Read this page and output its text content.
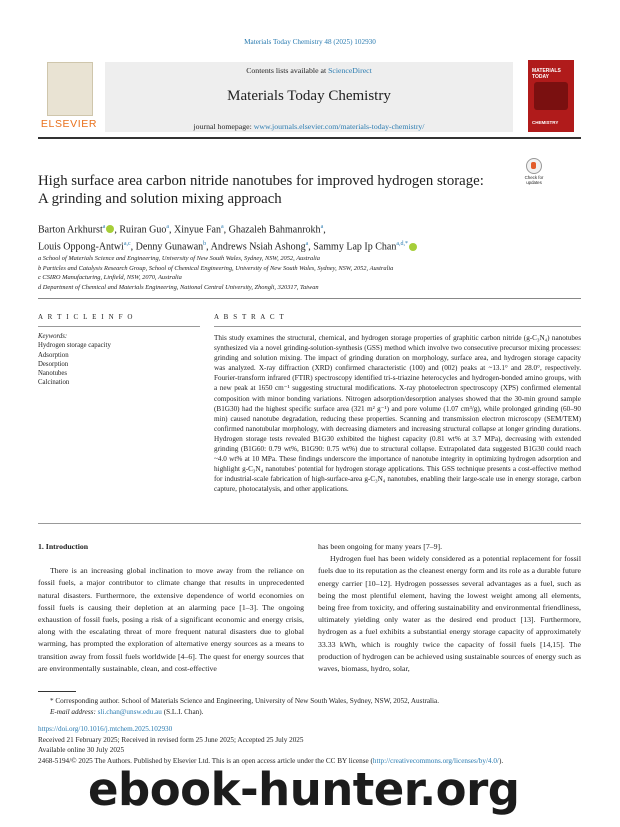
Materials Today Chemistry 48 (2025) 102930
ELSEVIER
Contents lists available at ScienceDirect
Materials Today Chemistry
journal homepage: www.journals.elsevier.com/materials-today-chemistry/
MATERIALS TODAY
CHEMISTRY
High surface area carbon nitride nanotubes for improved hydrogen storage:
A grinding and solution mixing approach
Check for updates
Barton Arkhurst$^a$ , Ruiran Guo$^a$, Xinyue Fan$^a$, Ghazaleh Bahmanrokh$^a$,
Louis Oppong-Antwi$^{a,c}$, Denny Gunawan$^b$, Andrews Nsiah Ashong$^a$, Sammy Lap Ip Chan$^{a,d,*}$
a School of Materials Science and Engineering, University of New South Wales, Sydney, NSW, 2052, Australia
b Particles and Catalysis Research Group, School of Chemical Engineering, University of New South Wales, Sydney, NSW, 2052, Australia
c CSIRO Manufacturing, Linfield, NSW, 2070, Australia
d Department of Chemical and Materials Engineering, National Central University, Zhongli, 320317, Taiwan
A R T I C L E I N F O	A B S T R A C T
Keywords:
Hydrogen storage capacity
Adsorption
Desorption
Nanotubes
Calcination
This study examines the structural, chemical, and hydrogen storage properties of graphitic carbon nitride (g-C₃N₄) nanotubes synthesized via a novel grinding-solution-synthesis (GSS) method which involve two consecutive precursor mixing processes: grinding and solution mixing. The impact of grinding duration on morphology, surface area, and hydrogen storage capacity was analyzed. X-ray diffraction (XRD) confirmed characteristic (100) and (002) peaks at ~13.1° and 28.0°, respectively. Fourier-transform infrared (FTIR) spectroscopy identified tri-s-triazine heterocycles and hydrogen-bonded amino groups, with a new peak at 1650 cm⁻¹ suggesting structural modifications. X-ray photoelectron spectroscopy (XPS) confirmed elemental composition with minor bonding variations. Nitrogen adsorption/desorption analyses showed that the 30-min ground sample (B1G30) had the highest specific surface area (321 m² g⁻¹) and pore volume (1.07 cm³/g), while prolonged grinding (60–90 min) caused nanotube degradation, reducing these properties. Scanning and transmission electron microscopy (SEM/TEM) confirmed nanotubular morphology, with decreasing diameters and increasing structural collapse at longer grinding durations. Hydrogen storage tests revealed B1G30 exhibited the highest capacity (0.81 wt% at 3.7 MPa), decreasing with extended grinding (B1G60: 0.79 wt%, B1G90: 0.75 wt%) due to structural collapse. Extrapolated data suggested B1G30 could reach ~4.0 wt% at 10 MPa. These findings underscore the importance of nanotube integrity in optimizing hydrogen adsorption and highlight g-C₃N₄ nanotubes' potential for hydrogen storage applications. This GSS technique presents a cost-effective method for industrial-scale fabrication of high-surface-area g-C₃N₄ nanotubes, enabling their large-scale use in energy storage, carbon capture, photocatalysis, and other applications.
1. Introduction

There is an increasing global inclination to move away from the reliance on fossil fuels, a major contributor to climate change that results in unprecedented natural disasters. Furthermore, the extensive dependence of world economies on fossil fuels is causing their depletion at an alarming pace [1–3]. The ongoing exhaustion of fossil fuels, posing a risk of a significant economic and energy crisis, along with the escalating threat of more frequent natural disasters due to global warming, has prompted the exploration of alternative energy sources as a means to transition away from fossil fuels worldwide [4–6]. The quest for energy sources that are environmentally sustainable, clean, and cost-effective

has been ongoing for many years [7–9].

Hydrogen fuel has been widely considered as a potential replacement for fossil fuels due to its reputation as the cleanest energy form and its role as a durable future energy carrier [10–12]. Hydrogen possesses several advantages as a fuel, such as being the most plentiful element, having the lowest weight among all elements, being free from toxicity, and offering sustainability and environmental friendliness, ultimately yielding only water as the desired end product [13]. Furthermore, hydrogen as a fuel exhibits a substantial energy storage capacity of approximately 33.33 kWh, which is roughly twice the capacity of fossil fuels [14,15]. The production of hydrogen can be achieved using sustainable sources of energy such as waves, biomass, hydro, solar,

* Corresponding author. School of Materials Science and Engineering, University of New South Wales, Sydney, NSW, 2052, Australia.
E-mail address: sli.chan@unsw.edu.au (S.L.I. Chan).
https://doi.org/10.1016/j.mtchem.2025.102930
Received 21 February 2025; Received in revised form 25 June 2025; Accepted 25 July 2025
Available online 30 July 2025
2468-5194/© 2025 The Authors. Published by Elsevier Ltd. This is an open access article under the CC BY license (http://creativecommons.org/licenses/by/4.0/).
ebook-hunter.org
